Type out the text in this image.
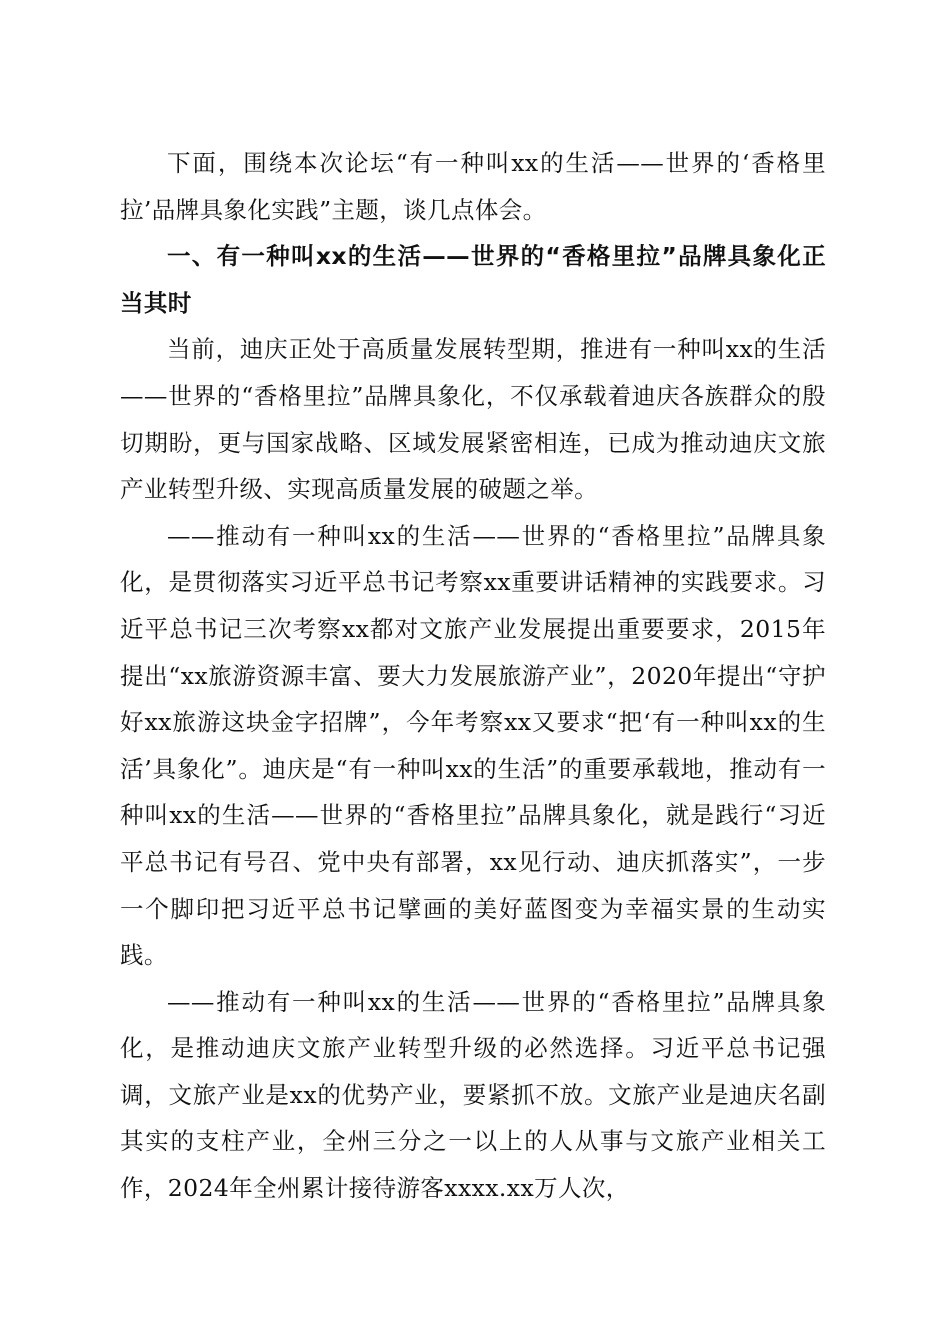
下面，围绕本次论坛“有一种叫xx的生活——世界的‘香格里拉’品牌具象化实践”主题，谈几点体会。

一、有一种叫xx的生活——世界的“香格里拉”品牌具象化正当其时

当前，迪庆正处于高质量发展转型期，推进有一种叫xx的生活——世界的“香格里拉”品牌具象化，不仅承载着迪庆各族群众的殷切期盼，更与国家战略、区域发展紧密相连，已成为推动迪庆文旅产业转型升级、实现高质量发展的破题之举。

——推动有一种叫xx的生活——世界的“香格里拉”品牌具象化，是贯彻落实习近平总书记考察xx重要讲话精神的实践要求。习近平总书记三次考察xx都对文旅产业发展提出重要要求，2015年提出“xx旅游资源丰富、要大力发展旅游产业”，2020年提出“守护好xx旅游这块金字招牌”，今年考察xx又要求“把‘有一种叫xx的生活’具象化”。迪庆是“有一种叫xx的生活”的重要承载地，推动有一种叫xx的生活——世界的“香格里拉”品牌具象化，就是践行“习近平总书记有号召、党中央有部署，xx见行动、迪庆抓落实”，一步一个脚印把习近平总书记擘画的美好蓝图变为幸福实景的生动实践。

——推动有一种叫xx的生活——世界的“香格里拉”品牌具象化，是推动迪庆文旅产业转型升级的必然选择。习近平总书记强调，文旅产业是xx的优势产业，要紧抓不放。文旅产业是迪庆名副其实的支柱产业，全州三分之一以上的人从事与文旅产业相关工作，2024年全州累计接待游客xxxx.xx万人次，
